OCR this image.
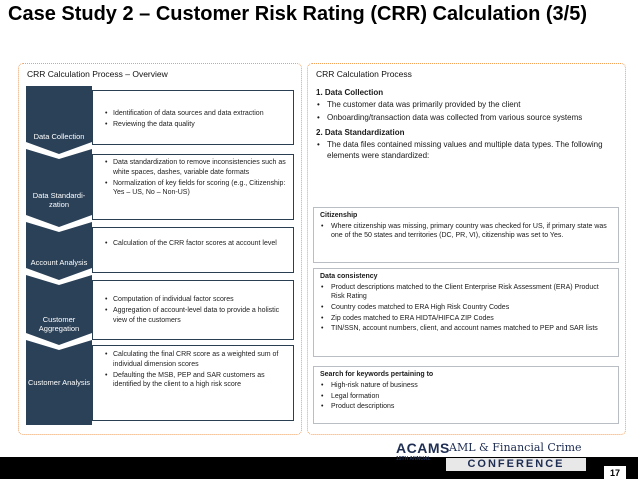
Case Study 2 – Customer Risk Rating (CRR) Calculation (3/5)
CRR Calculation Process – Overview
Data Collection
• Identification of data sources and data extraction
• Reviewing the data quality
Data Standardi-zation
• Data standardization to remove inconsistencies such as white spaces, dashes, variable date formats
• Normalization of key fields for scoring (e.g., Citizenship: Yes – US, No – Non-US)
Account Analysis
• Calculation of the CRR factor scores at account level
Customer Aggregation
• Computation of individual factor scores
• Aggregation of account-level data to provide a holistic view of the customers
Customer Analysis
• Calculating the final CRR score as a weighted sum of individual dimension scores
• Defaulting the MSB, PEP and SAR customers as identified by the client to a high risk score
CRR Calculation Process
1. Data Collection
• The customer data was primarily provided by the client
• Onboarding/transaction data was collected from various source systems
2. Data Standardization
• The data files contained missing values and multiple data types. The following elements were standardized:
Citizenship
• Where citizenship was missing, primary country was checked for US, if primary state was one of the 50 states and territories (DC, PR, VI), citizenship was set to Yes.
Data consistency
• Product descriptions matched to the Client Enterprise Risk Assessment (ERA) Product Risk Rating
• Country codes matched to ERA High Risk Country Codes
• Zip codes matched to ERA HIDTA/HIFCA ZIP Codes
• TIN/SSN, account numbers, client, and account names matched to PEP and SAR lists
Search for keywords pertaining to
• High-risk nature of business
• Legal formation
• Product descriptions
ACAMS
15TH ANNUAL
AML & Financial Crime
CONFERENCE
17
